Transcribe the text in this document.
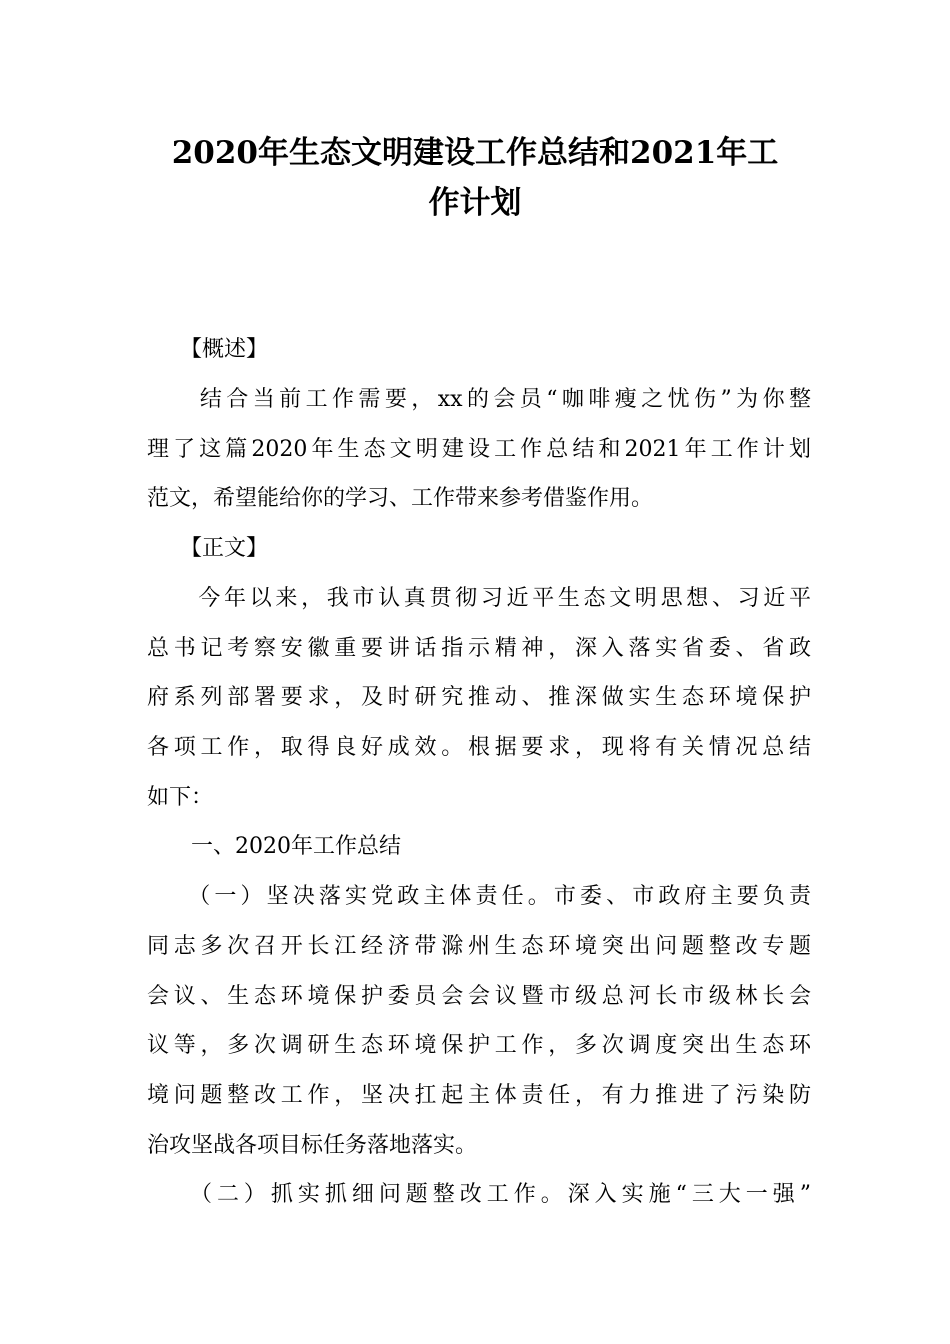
2020年生态文明建设工作总结和2021年工
作计划

　　【概述】

　　结合当前工作需要，xx的会员“咖啡瘦之忧伤”为你整

理了这篇2020年生态文明建设工作总结和2021年工作计划

范文，希望能给你的学习、工作带来参考借鉴作用。

　　【正文】

　　今年以来，我市认真贯彻习近平生态文明思想、习近平

总书记考察安徽重要讲话指示精神，深入落实省委、省政

府系列部署要求，及时研究推动、推深做实生态环境保护

各项工作，取得良好成效。根据要求，现将有关情况总结

如下：

　　一、2020年工作总结

　　（一）坚决落实党政主体责任。市委、市政府主要负责

同志多次召开长江经济带滁州生态环境突出问题整改专题

会议、生态环境保护委员会会议暨市级总河长市级林长会

议等，多次调研生态环境保护工作，多次调度突出生态环

境问题整改工作，坚决扛起主体责任，有力推进了污染防

治攻坚战各项目标任务落地落实。

　　（二）抓实抓细问题整改工作。深入实施“三大一强”
